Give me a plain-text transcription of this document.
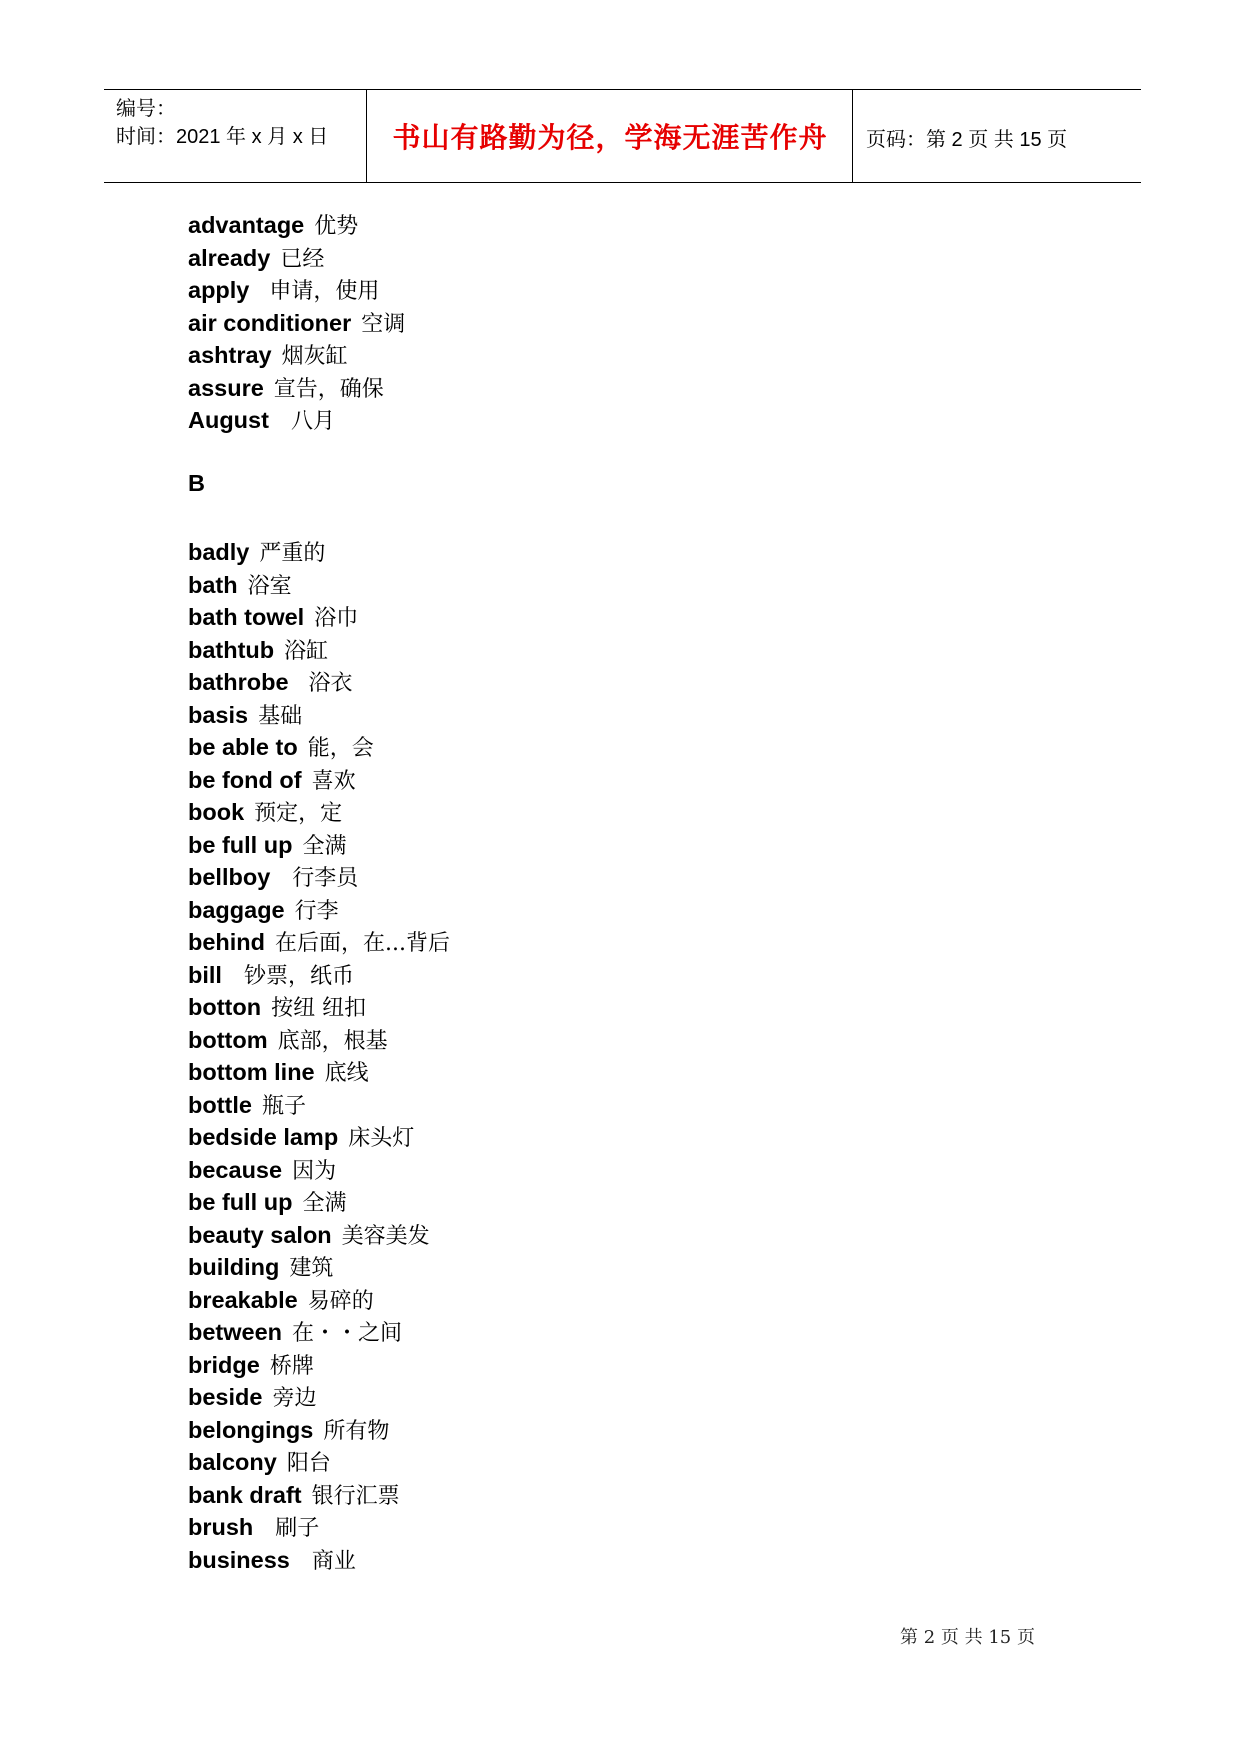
编号：
时间：2021 年 x 月 x 日	书山有路勤为径，学海无涯苦作舟	页码：第 2 页 共 15 页
advantage 优势
already 已经
apply 申请，使用
air conditioner 空调
ashtray 烟灰缸
assure 宣告，确保
August 八月
B
badly 严重的
bath 浴室
bath towel 浴巾
bathtub 浴缸
bathrobe 浴衣
basis 基础
be able to 能，会
be fond of 喜欢
book 预定，定
be full up 全满
bellboy 行李员
baggage 行李
behind 在后面，在...背后
bill 钞票，纸币
botton 按纽 纽扣
bottom 底部，根基
bottom line 底线
bottle 瓶子
bedside lamp 床头灯
because 因为
be full up 全满
beauty salon 美容美发
building 建筑
breakable 易碎的
between 在・・之间
bridge 桥牌
beside 旁边
belongings 所有物
balcony 阳台
bank draft 银行汇票
brush 刷子
business 商业
第 2 页 共 15 页
